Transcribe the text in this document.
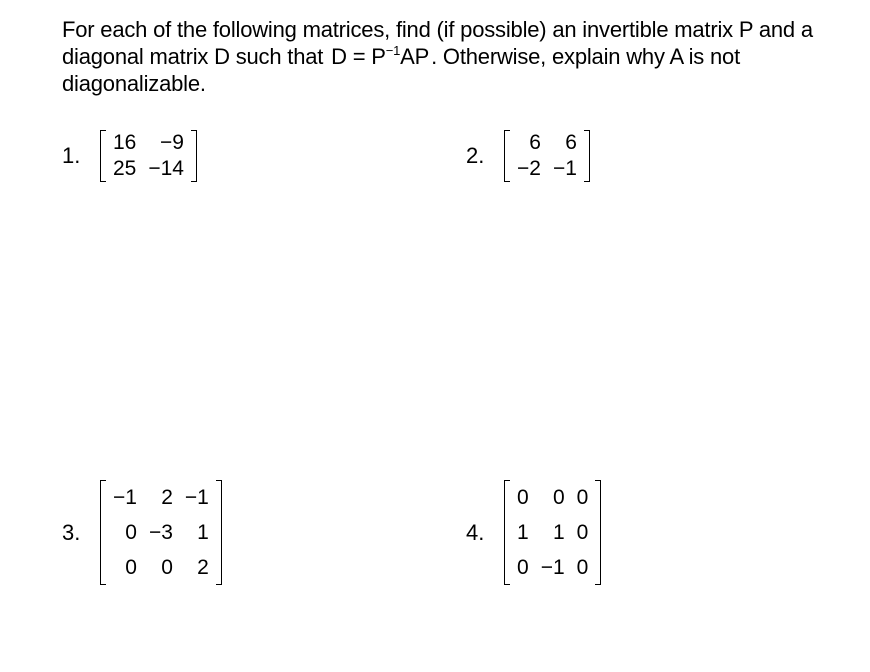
For each of the following matrices, find (if possible) an invertible matrix P and a diagonal matrix D such that $D = P^{-1}AP$. Otherwise, explain why A is not diagonalizable.
1.
16	−9
25	−14
2.
6	6
−2	−1
3.
−1	2	−1
0	−3	1
0	0	2
4.
0	0	0
1	1	0
0	−1	0
